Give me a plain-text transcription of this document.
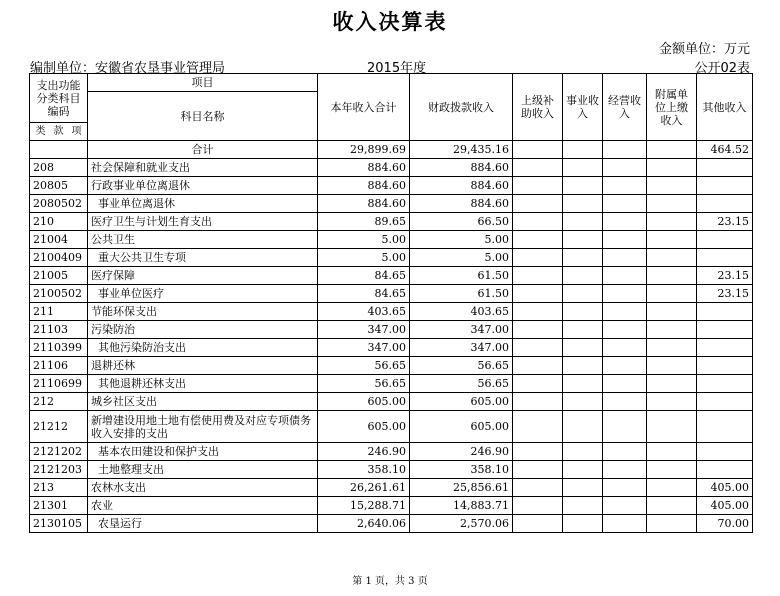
收入决算表
金额单位：万元
编制单位：安徽省农垦事业管理局	2015年度	公开02表
支出功能分类科目编码	项目	本年收入合计	财政拨款收入	上级补助收入	事业收入	经营收入	附属单位上缴收入	其他收入
	科目名称							
类 款 项								
	合计	29,899.69	29,435.16					464.52
208	社会保障和就业支出	884.60	884.60					
20805	行政事业单位离退休	884.60	884.60					
2080502	事业单位离退休	884.60	884.60					
210	医疗卫生与计划生育支出	89.65	66.50					23.15
21004	公共卫生	5.00	5.00					
2100409	重大公共卫生专项	5.00	5.00					
21005	医疗保障	84.65	61.50					23.15
2100502	事业单位医疗	84.65	61.50					23.15
211	节能环保支出	403.65	403.65					
21103	污染防治	347.00	347.00					
2110399	其他污染防治支出	347.00	347.00					
21106	退耕还林	56.65	56.65					
2110699	其他退耕还林支出	56.65	56.65					
212	城乡社区支出	605.00	605.00					
21212	新增建设用地土地有偿使用费及对应专项债务收入安排的支出	605.00	605.00					
2121202	基本农田建设和保护支出	246.90	246.90					
2121203	土地整理支出	358.10	358.10					
213	农林水支出	26,261.61	25,856.61					405.00
21301	农业	15,288.71	14,883.71					405.00
2130105	农垦运行	2,640.06	2,570.06					70.00
第 1 页，共 3 页
